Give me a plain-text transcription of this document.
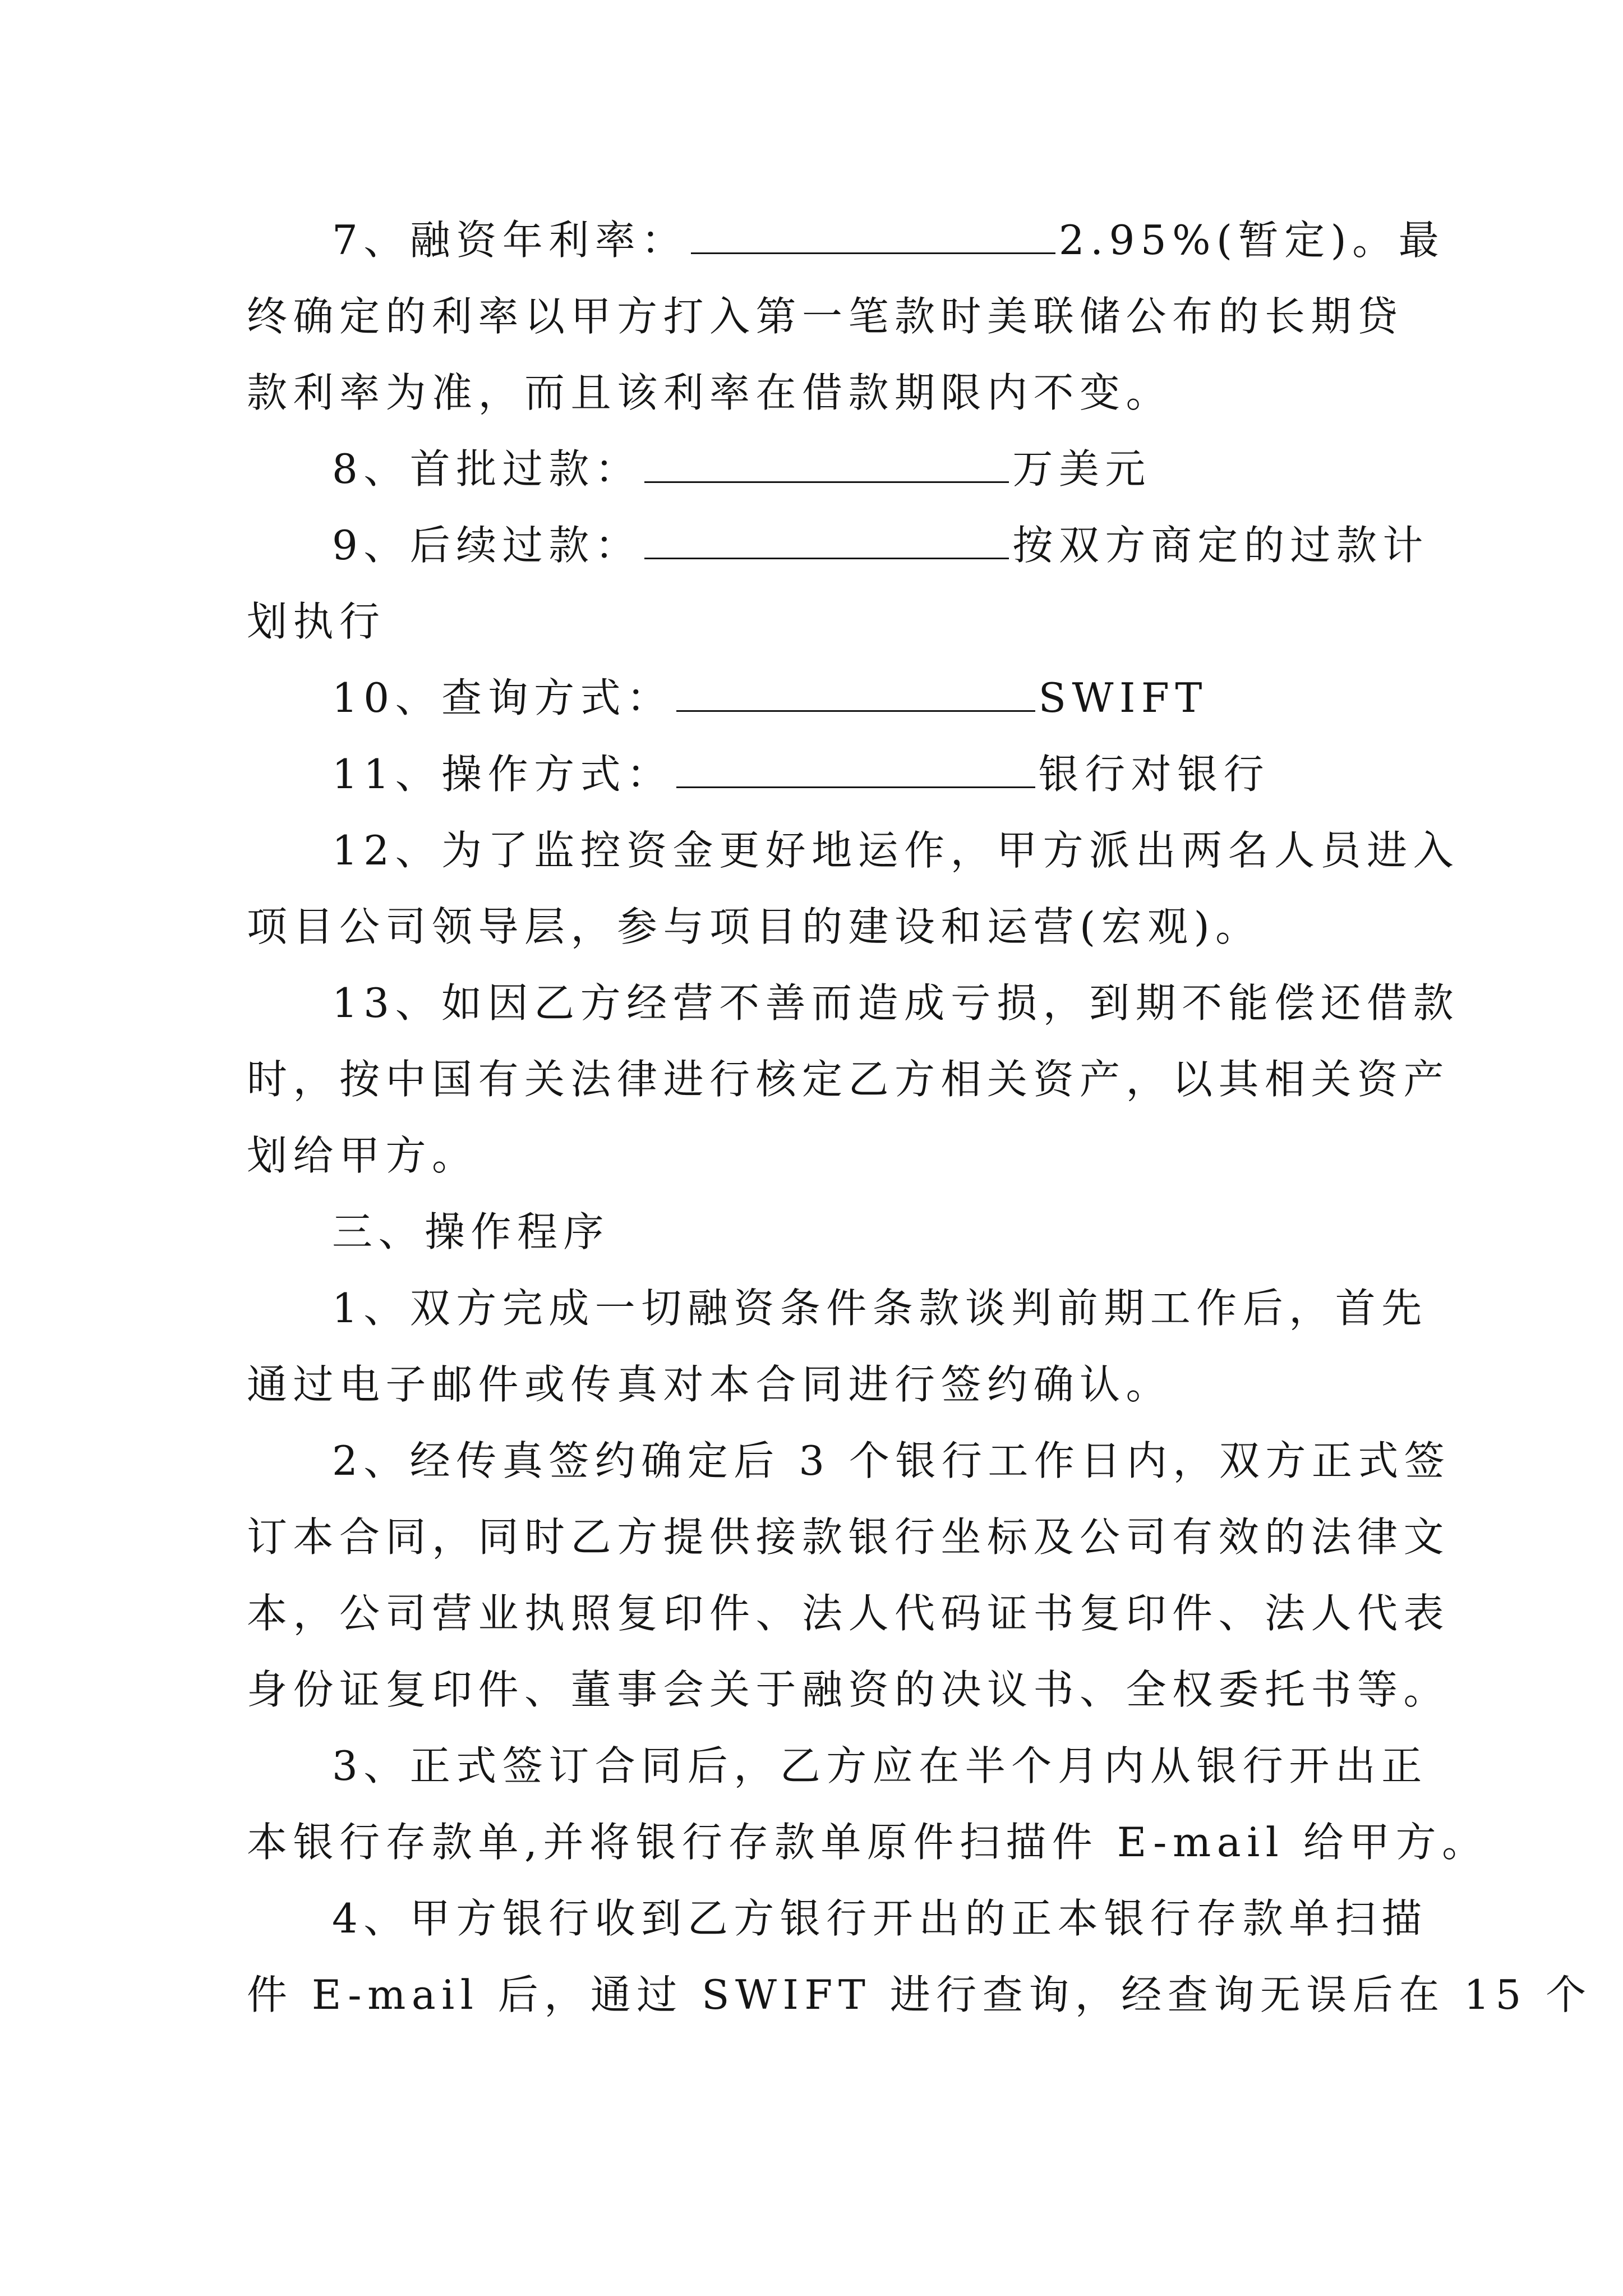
7、融资年利率：	2.95%(暂定)。最
终确定的利率以甲方打入第一笔款时美联储公布的长期贷
款利率为准，而且该利率在借款期限内不变。
8、首批过款：	万美元
9、后续过款：	按双方商定的过款计
划执行
10、查询方式：	SWIFT
11、操作方式：	银行对银行
12、为了监控资金更好地运作，甲方派出两名人员进入
项目公司领导层，参与项目的建设和运营(宏观)。
13、如因乙方经营不善而造成亏损，到期不能偿还借款
时，按中国有关法律进行核定乙方相关资产，以其相关资产
划给甲方。
三、操作程序
1、双方完成一切融资条件条款谈判前期工作后，首先
通过电子邮件或传真对本合同进行签约确认。
2、经传真签约确定后 3 个银行工作日内，双方正式签
订本合同，同时乙方提供接款银行坐标及公司有效的法律文
本，公司营业执照复印件、法人代码证书复印件、法人代表
身份证复印件、董事会关于融资的决议书、全权委托书等。
3、正式签订合同后，乙方应在半个月内从银行开出正
本银行存款单,并将银行存款单原件扫描件 E-mail 给甲方。
4、甲方银行收到乙方银行开出的正本银行存款单扫描
件 E-mail 后，通过 SWIFT 进行查询，经查询无误后在 15 个
